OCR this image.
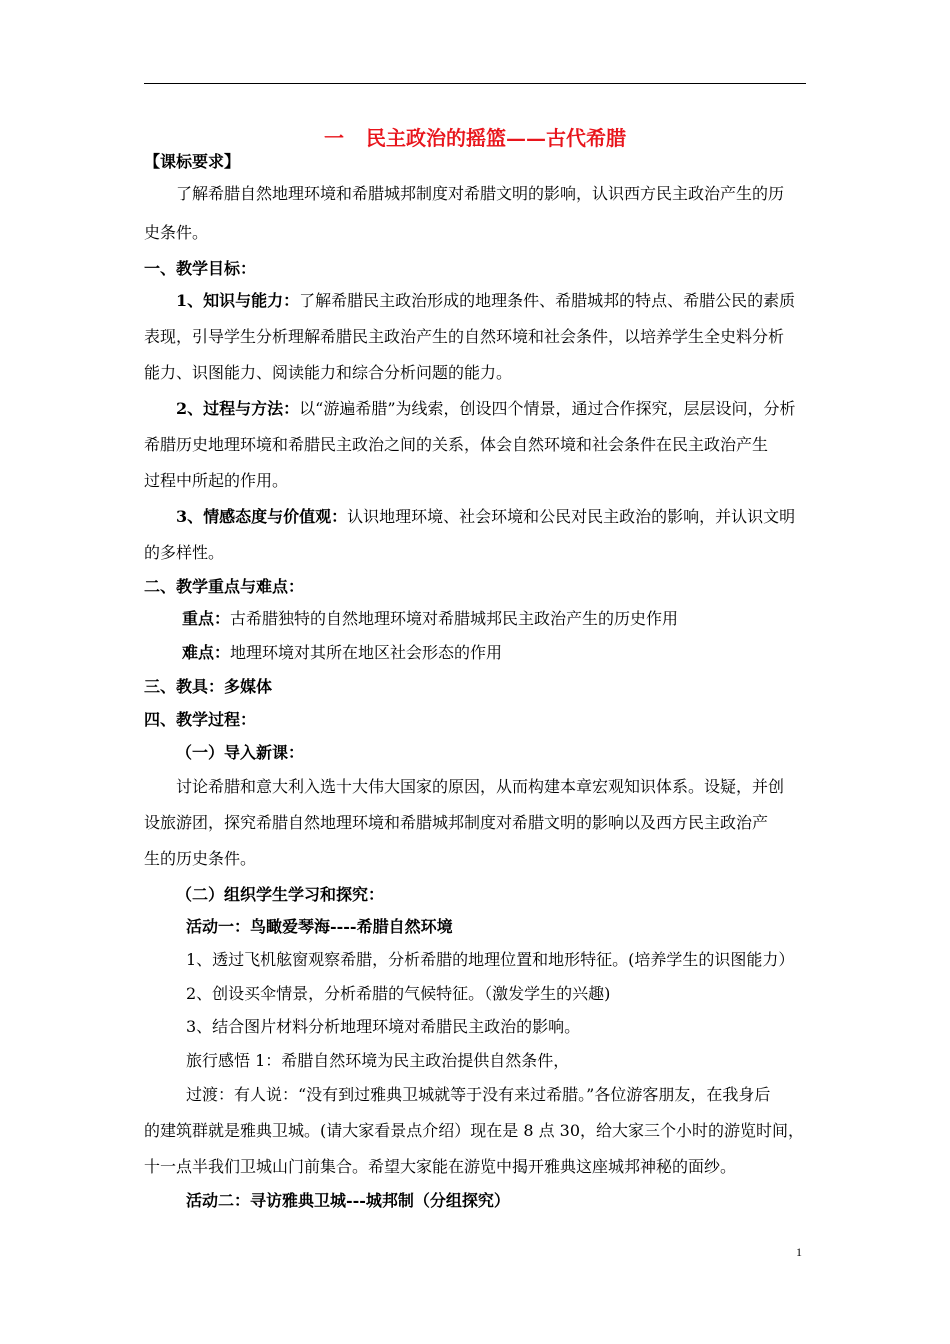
一 民主政治的摇篮——古代希腊
【课标要求】
了解希腊自然地理环境和希腊城邦制度对希腊文明的影响，认识西方民主政治产生的历
史条件。
一、教学目标：
1、知识与能力：了解希腊民主政治形成的地理条件、希腊城邦的特点、希腊公民的素质
表现，引导学生分析理解希腊民主政治产生的自然环境和社会条件，以培养学生全史料分析
能力、识图能力、阅读能力和综合分析问题的能力。
2、过程与方法：以“游遍希腊”为线索，创设四个情景，通过合作探究，层层设问，分析
希腊历史地理环境和希腊民主政治之间的关系，体会自然环境和社会条件在民主政治产生
过程中所起的作用。
3、情感态度与价值观：认识地理环境、社会环境和公民对民主政治的影响，并认识文明
的多样性。
二、教学重点与难点：
重点：古希腊独特的自然地理环境对希腊城邦民主政治产生的历史作用
难点：地理环境对其所在地区社会形态的作用
三、教具：多媒体
四、教学过程：
（一）导入新课：
讨论希腊和意大利入选十大伟大国家的原因，从而构建本章宏观知识体系。设疑，并创
设旅游团，探究希腊自然地理环境和希腊城邦制度对希腊文明的影响以及西方民主政治产
生的历史条件。
（二）组织学生学习和探究：
活动一：鸟瞰爱琴海----希腊自然环境
1、透过飞机舷窗观察希腊，分析希腊的地理位置和地形特征。(培养学生的识图能力）
2、创设买伞情景，分析希腊的气候特征。（激发学生的兴趣)
3、结合图片材料分析地理环境对希腊民主政治的影响。
旅行感悟 1：希腊自然环境为民主政治提供自然条件，
过渡：有人说：“没有到过雅典卫城就等于没有来过希腊。”各位游客朋友，在我身后
的建筑群就是雅典卫城。(请大家看景点介绍）现在是 8 点 30，给大家三个小时的游览时间，
十一点半我们卫城山门前集合。希望大家能在游览中揭开雅典这座城邦神秘的面纱。
活动二：寻访雅典卫城---城邦制（分组探究）
1
